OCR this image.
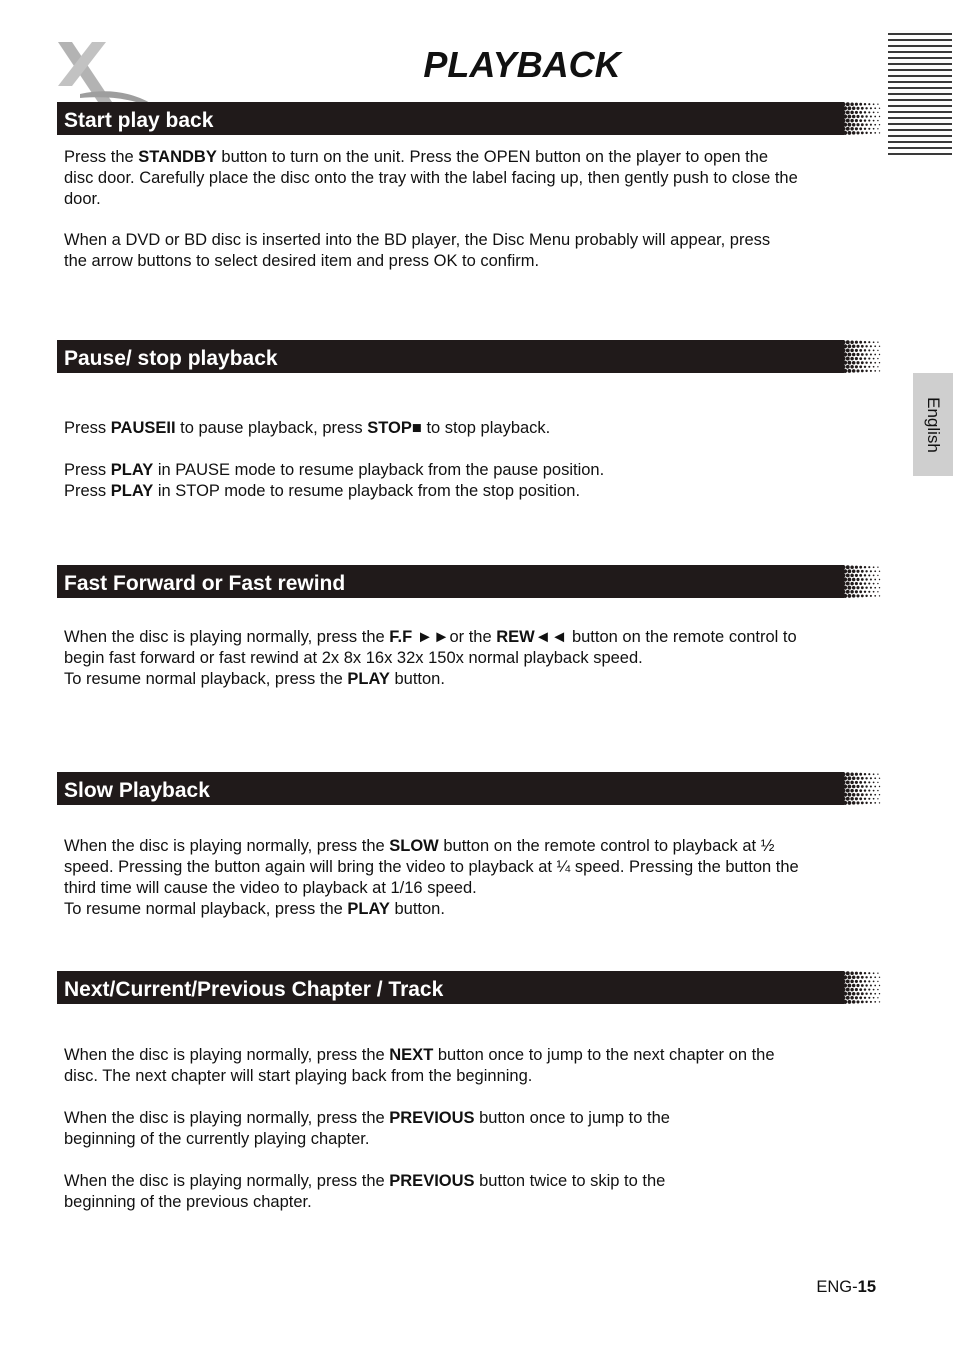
PLAYBACK
English
Start play back

Press the STANDBY button to turn on the unit. Press the OPEN button on the player to open the
disc door. Carefully place the disc onto the tray with the label facing up, then gently push to close the
door.

When a DVD or BD disc is inserted into the BD player, the Disc Menu probably will appear, press
the arrow buttons to select desired item and press OK to confirm.

Pause/ stop playback

Press PAUSEII to pause playback, press STOP■ to stop playback.

Press PLAY in PAUSE mode to resume playback from the pause position.
Press PLAY in STOP mode to resume playback from the stop position.

Fast Forward or Fast rewind

When the disc is playing normally, press the F.F ►►or the REW◄◄ button on the remote control to
begin fast forward or fast rewind at 2x 8x 16x 32x 150x normal playback speed.
To resume normal playback, press the PLAY button.

Slow Playback

When the disc is playing normally, press the SLOW button on the remote control to playback at ½
speed. Pressing the button again will bring the video to playback at ¼ speed. Pressing the button the
third time will cause the video to playback at 1/16 speed.
To resume normal playback, press the PLAY button.

Next/Current/Previous Chapter / Track

When the disc is playing normally, press the NEXT button once to jump to the next chapter on the
disc. The next chapter will start playing back from the beginning.

When the disc is playing normally, press the PREVIOUS button once to jump to the
beginning of the currently playing chapter.

When the disc is playing normally, press the PREVIOUS button twice to skip to the
beginning of the previous chapter.

ENG-15
